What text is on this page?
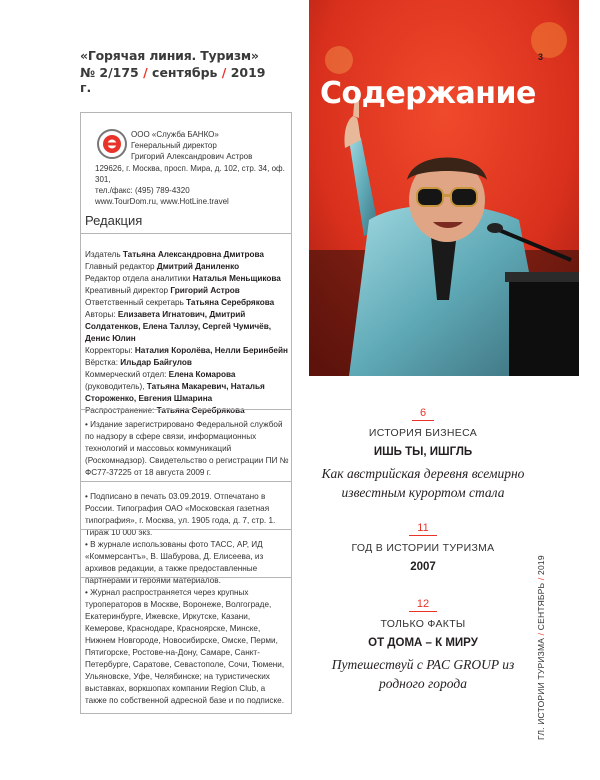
«Горячая линия. Туризм»
№ 2/175 / сентябрь / 2019 г.
ООО «Служба БАНКО»
Генеральный директор
Григорий Александрович Астров
129626, г. Москва, просп. Мира, д. 102, стр. 34, оф. 301,
тел./факс: (495) 789-4320
www.TourDom.ru, www.HotLine.travel
Редакция
Издатель Татьяна Александровна Дмитрова
Главный редактор Дмитрий Даниленко
Редактор отдела аналитики Наталья Меньщикова
Креативный директор Григорий Астров
Ответственный секретарь Татьяна Серебрякова
Авторы: Елизавета Игнатович, Дмитрий Солдатенков, Елена Таллэу, Сергей Чумичёв, Денис Юлин
Корректоры: Наталия Королёва, Нелли Беринбейн
Вёрстка: Ильдар Байгулов
Коммерческий отдел: Елена Комарова (руководитель), Татьяна Макаревич, Наталья Стороженко, Евгения Шмарина
Распространение: Татьяна Серебрякова
• Издание зарегистрировано Федеральной службой по надзору в сфере связи, информационных технологий и массовых коммуникаций (Роскомнадзор). Свидетельство о регистрации ПИ № ФС77-37225 от 18 августа 2009 г.
• Подписано в печать 03.09.2019. Отпечатано в России. Типография ОАО «Московская газетная типография», г. Москва, ул. 1905 года, д. 7, стр. 1. Тираж 10 000 экз.
• В журнале использованы фото ТАСС, AP, ИД «Коммерсантъ», В. Шабурова, Д. Елисеева, из архивов редакции, а также предоставленные партнёрами и героями материалов.
• Журнал распространяется через крупных туроператоров в Москве, Воронеже, Волгограде, Екатеринбурге, Ижевске, Иркутске, Казани, Кемерове, Краснодаре, Красноярске, Минске, Нижнем Новгороде, Новосибирске, Омске, Перми, Пятигорске, Ростове-на-Дону, Самаре, Санкт-Петербурге, Саратове, Севастополе, Сочи, Тюмени, Ульяновске, Уфе, Челябинске; на туристических выставках, воркшопах компании Region Club, а также по собственной адресной базе и по подписке.
3
Содержание
6
ИСТОРИЯ БИЗНЕСА
ИШЬ ТЫ, ИШГЛЬ
Как австрийская деревня всемирно известным курортом стала
11
ГОД В ИСТОРИИ ТУРИЗМА
2007
12
ТОЛЬКО ФАКТЫ
ОТ ДОМА – К МИРУ
Путешествуй с PAC GROUP из родного города	ГЛ. ИСТОРИИ ТУРИЗМА / СЕНТЯБРЬ / 2019
